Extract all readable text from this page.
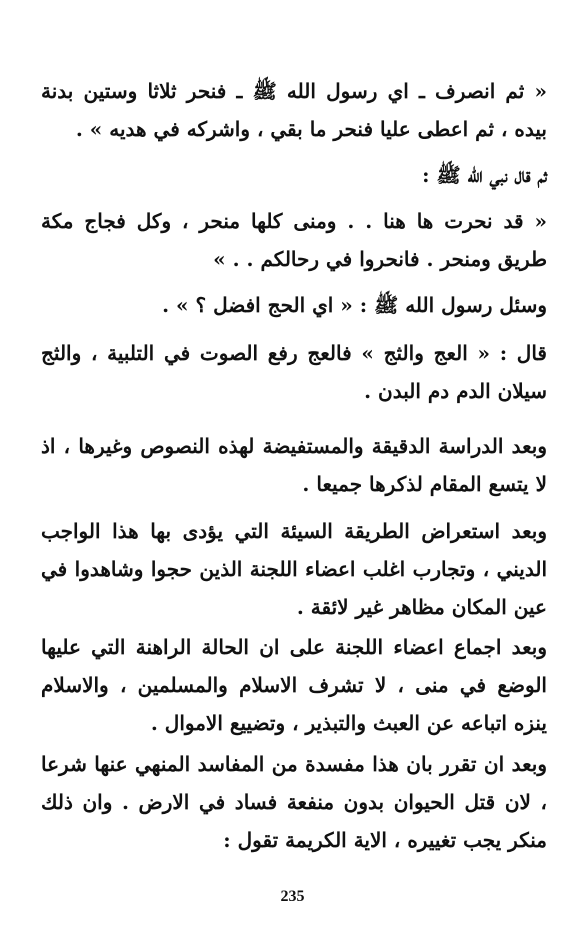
« ثم انصرف ـ اي رسول الله ﷺ ـ فنحر ثلاثا وستين بدنة بيده ، ثم اعطى عليا فنحر ما بقي ، واشركه في هديه » .

ثم قال نبي الله ﷺ :

« قد نحرت ها هنا . . ومنى كلها منحر ، وكل فجاج مكة طريق ومنحر . فانحروا في رحالكم . . »

وسئل رسول الله ﷺ : « اي الحج افضل ؟ » .

قال : « العج والثج » فالعج رفع الصوت في التلبية ، والثج سيلان الدم دم البدن .

وبعد الدراسة الدقيقة والمستفيضة لهذه النصوص وغيرها ، اذ لا يتسع المقام لذكرها جميعا .

وبعد استعراض الطريقة السيئة التي يؤدى بها هذا الواجب الديني ، وتجارب اغلب اعضاء اللجنة الذين حجوا وشاهدوا في عين المكان مظاهر غير لائقة .

وبعد اجماع اعضاء اللجنة على ان الحالة الراهنة التي عليها الوضع في منى ، لا تشرف الاسلام والمسلمين ، والاسلام ينزه اتباعه عن العبث والتبذير ، وتضييع الاموال .

وبعد ان تقرر بان هذا مفسدة من المفاسد المنهي عنها شرعا ، لان قتل الحيوان بدون منفعة فساد في الارض . وان ذلك منكر يجب تغييره ، الاية الكريمة تقول :

235
